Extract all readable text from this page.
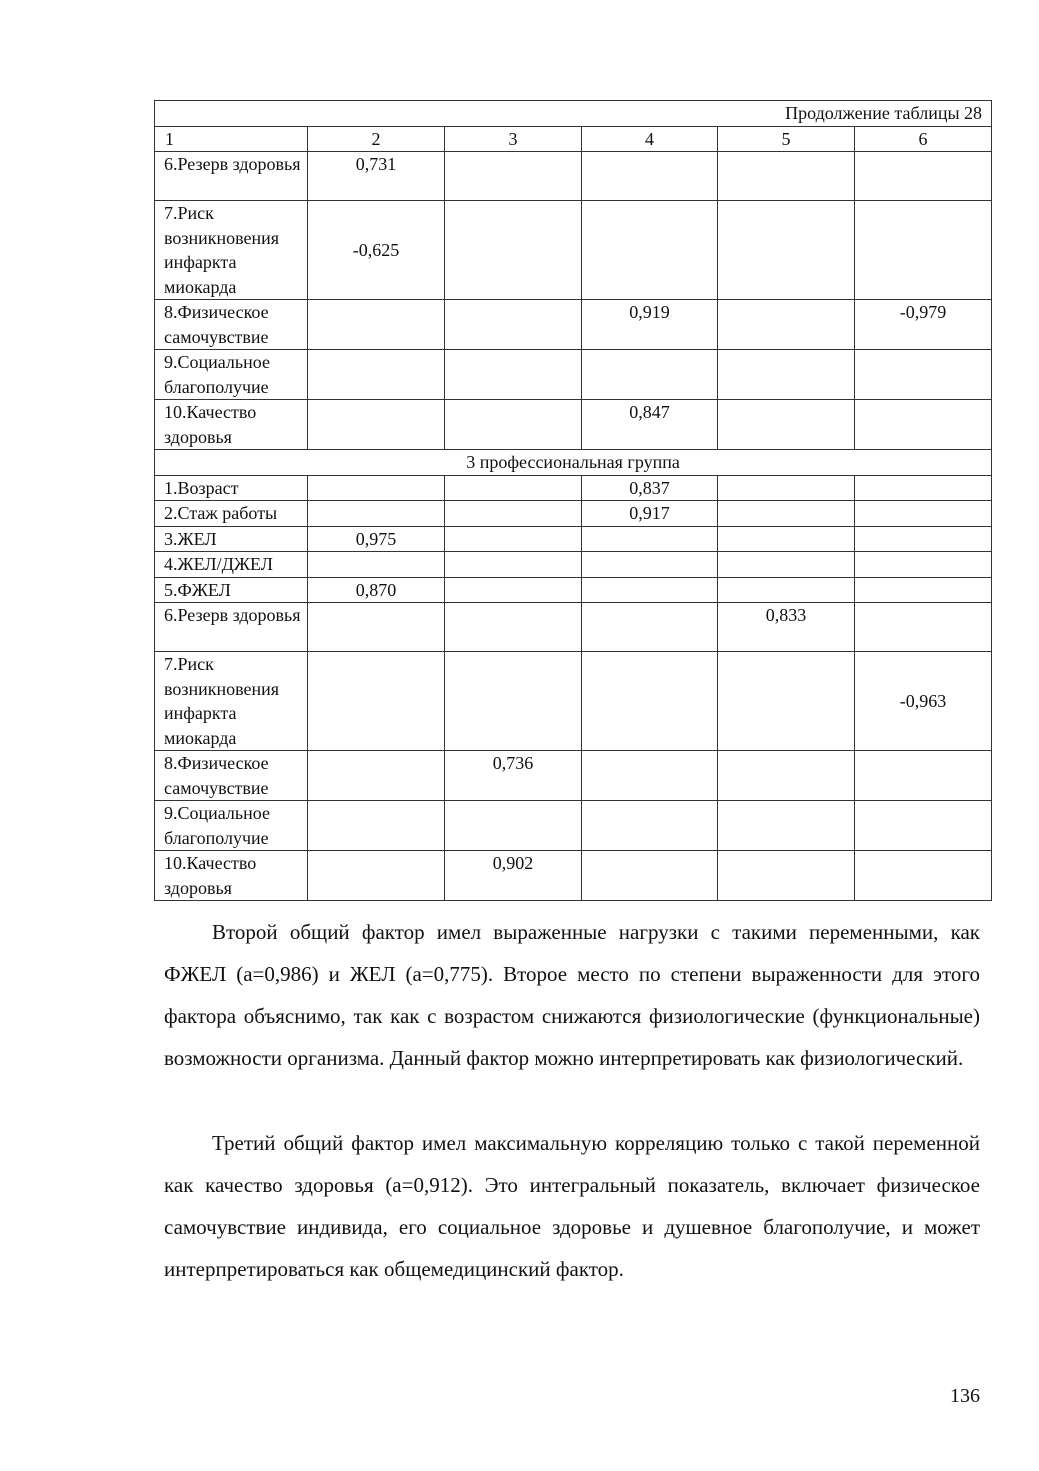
Продолжение таблицы 28					
1	2	3	4	5	6
6.Резерв здоровья	0,731				
7.Риск возникновения инфаркта миокарда	-0,625				
8.Физическое самочувствие			0,919		-0,979
9.Социальное благополучие					
10.Качество здоровья			0,847		
3 профессиональная группа					
1.Возраст			0,837		
2.Стаж работы			0,917		
3.ЖЕЛ	0,975				
4.ЖЕЛ/ДЖЕЛ					
5.ФЖЕЛ	0,870				
6.Резерв здоровья				0,833	
7.Риск возникновения инфаркта миокарда					-0,963
8.Физическое самочувствие		0,736			
9.Социальное благополучие					
10.Качество здоровья		0,902			

Второй общий фактор имел выраженные нагрузки с такими переменными, как ФЖЕЛ (а=0,986) и ЖЕЛ (а=0,775). Второе место по степени выраженности для этого фактора объяснимо, так как с возрастом снижаются физиологические (функциональные) возможности организма. Данный фактор можно интерпретировать как физиологический.

Третий общий фактор имел максимальную корреляцию только с такой переменной как качество здоровья (а=0,912). Это интегральный показатель, включает физическое самочувствие индивида, его социальное здоровье и душевное благополучие, и может интерпретироваться как общемедицинский фактор.

136
